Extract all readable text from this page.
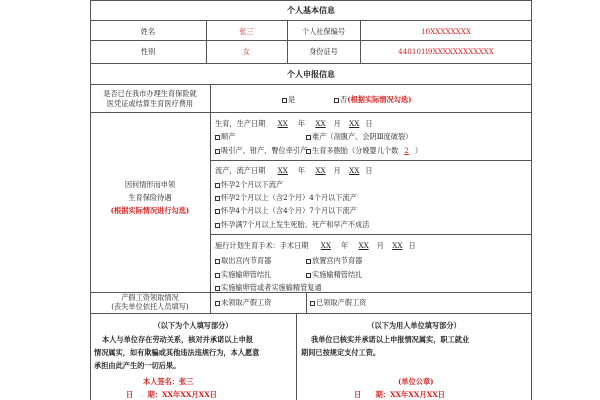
个人基本信息
姓名	张三	个人社保编号	10XXXXXXXX
性别	女	身份证号	440101l9XXXXXXXXXXXX
个人申报信息
是否已在我市办理生育保险就
医凭证或结算生育医疗费用	是	否(根据实际情况勾选)
因何情形而申领
生育保险待遇
(根据实际情况进行勾选)
生育，生产日期 XX 年 XX 月 XX 日
顺产	难产（剖腹产、会阴Ⅲ度破裂）
吸引产、钳产、臀位牵引产 生育多胞胎（分娩婴儿个数 2 ）
流产，流产日期 XX 年 XX 月 XX 日
怀孕2个月以下流产
怀孕2个月以上（含2个月）4个月以下流产
怀孕4个月以上（含4个月）7个月以下流产
怀孕满7个月以上发生死胎、死产和早产不成活
施行计划生育手术：手术日期 XX 年 XX 月 XX 日
取出宫内节育器	放置宫内节育器
实施输卵管结扎	实施输精管结扎
实施输卵管或者实施输精管复通
产假工资领取情况
(丧失单位依托人员填写)	未领取产假工资	已领取产假工资
（以下为个人填写部分）
本人与单位存在劳动关系，核对并承诺以上申报
情况属实，如有欺骗或其他违法违规行为，本人愿意
承担由此产生的一切后果。
本人签名：张三
日　　期：XX年XX月XX日
（以下为用人单位填写部分）
我单位已核实并承诺以上申报情况属实，职工就业
期间已按规定支付工资。
(单位公章)
日　　期：XX年XX月XX日
